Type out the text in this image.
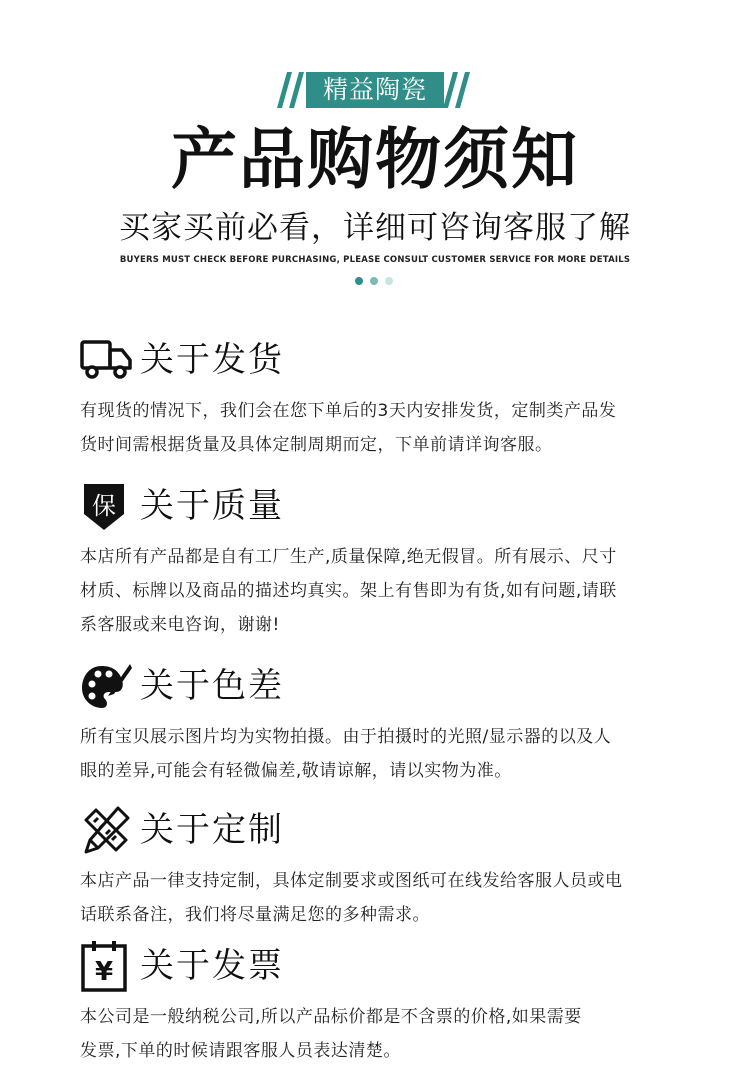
精益陶瓷
产品购物须知
买家买前必看，详细可咨询客服了解
BUYERS MUST CHECK BEFORE PURCHASING, PLEASE CONSULT CUSTOMER SERVICE FOR MORE DETAILS
关于发货
有现货的情况下，我们会在您下单后的3天内安排发货，定制类产品发
货时间需根据货量及具体定制周期而定，下单前请详询客服。
保 关于质量
本店所有产品都是自有工厂生产,质量保障,绝无假冒。所有展示、尺寸
材质、标牌以及商品的描述均真实。架上有售即为有货,如有问题,请联
系客服或来电咨询，谢谢!
关于色差
所有宝贝展示图片均为实物拍摄。由于拍摄时的光照/显示器的以及人
眼的差异,可能会有轻微偏差,敬请谅解，请以实物为准。
关于定制
本店产品一律支持定制，具体定制要求或图纸可在线发给客服人员或电
话联系备注，我们将尽量满足您的多种需求。
¥ 关于发票
本公司是一般纳税公司,所以产品标价都是不含票的价格,如果需要
发票,下单的时候请跟客服人员表达清楚。
